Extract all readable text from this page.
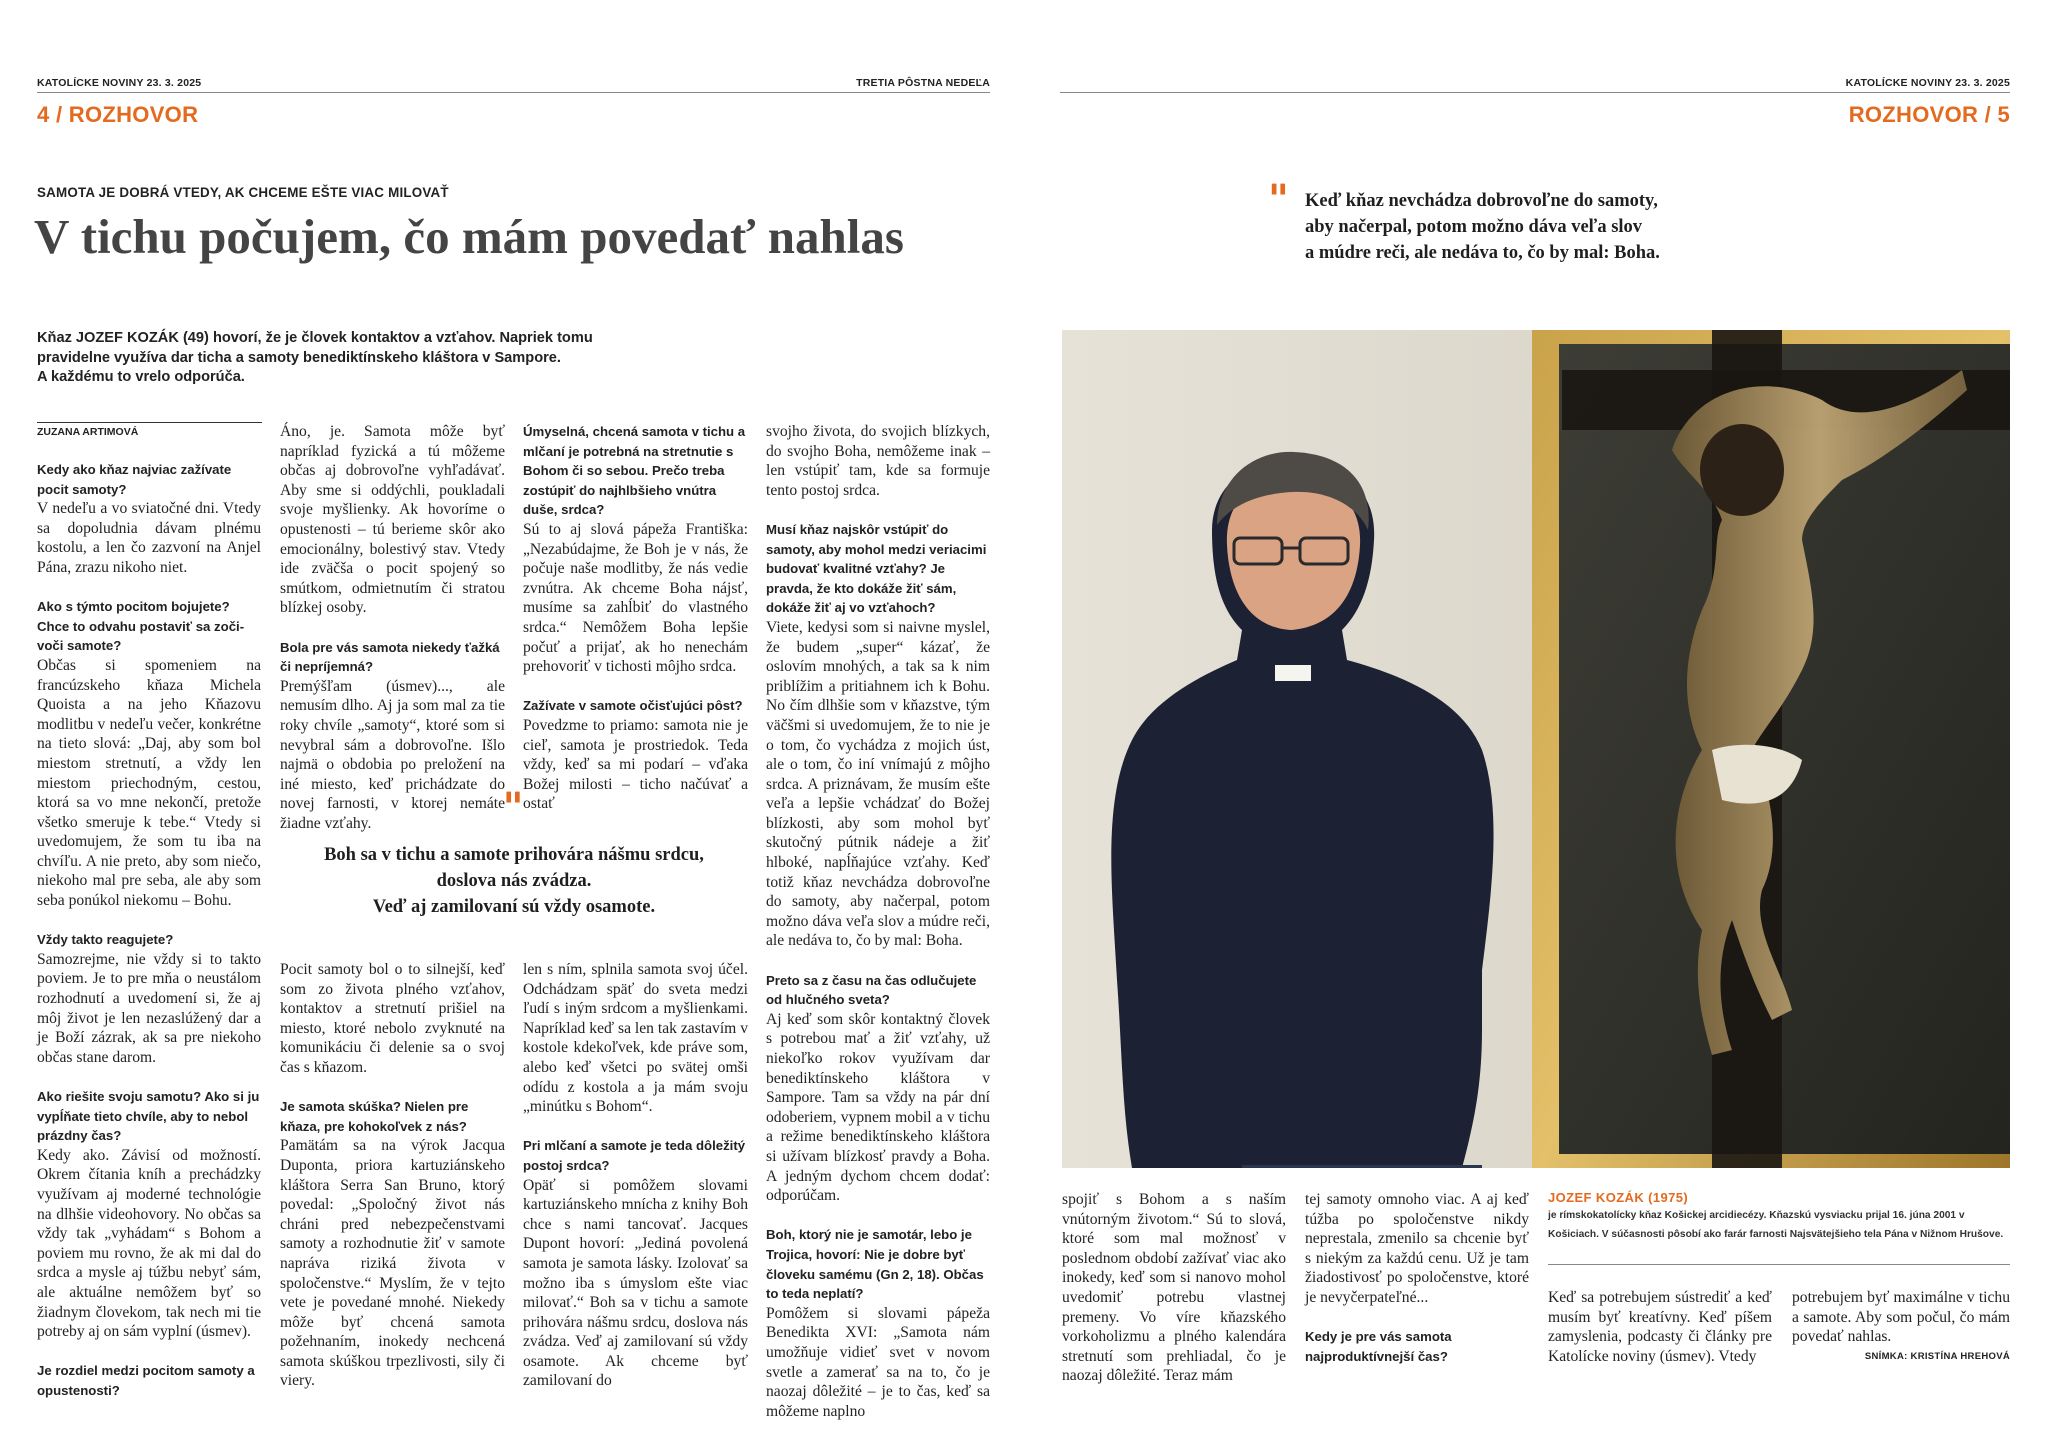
KATOLÍCKE NOVINY 23. 3. 2025	TRETIA PÔSTNA NEDEĽA
4 / ROZHOVOR
SAMOTA JE DOBRÁ VTEDY, AK CHCEME EŠTE VIAC MILOVAŤ
V tichu počujem, čo mám povedať nahlas
Kňaz JOZEF KOZÁK (49) hovorí, že je človek kontaktov a vzťahov. Napriek tomu
pravidelne využíva dar ticha a samoty benediktínskeho kláštora v Sampore.
A každému to vrelo odporúča.
ZUZANA ARTIMOVÁ

Kedy ako kňaz najviac zažívate pocit samoty?

V nedeľu a vo sviatočné dni. Vtedy sa dopoludnia dávam plnému kostolu, a len čo zazvoní na Anjel Pána, zrazu nikoho niet.

Ako s týmto pocitom bojujete? Chce to odvahu postaviť sa zoči-voči samote?

Občas si spomeniem na francúzskeho kňaza Michela Quoista a na jeho Kňazovu modlitbu v nedeľu večer, konkrétne na tieto slová: „Daj, aby som bol miestom stretnutí, a vždy len miestom priechodným, cestou, ktorá sa vo mne nekončí, pretože všetko smeruje k tebe.“ Vtedy si uvedomujem, že som tu iba na chvíľu. A nie preto, aby som niečo, niekoho mal pre seba, ale aby som seba ponúkol niekomu – Bohu.

Vždy takto reagujete?

Samozrejme, nie vždy si to takto poviem. Je to pre mňa o neustálom rozhodnutí a uvedomení si, že aj môj život je len nezaslúžený dar a je Boží zázrak, ak sa pre niekoho občas stane darom.

Ako riešite svoju samotu? Ako si ju vypĺňate tieto chvíle, aby to nebol prázdny čas?

Kedy ako. Závisí od možností. Okrem čítania kníh a prechádzky využívam aj moderné technológie na dlhšie videohovory. No občas sa vždy tak „vyhádam“ s Bohom a poviem mu rovno, že ak mi dal do srdca a mysle aj túžbu nebyť sám, ale aktuálne nemôžem byť so žiadnym človekom, tak nech mi tie potreby aj on sám vyplní (úsmev).

Je rozdiel medzi pocitom samoty a opustenosti?

Áno, je. Samota môže byť napríklad fyzická a tú môžeme občas aj dobrovoľne vyhľadávať. Aby sme si oddýchli, poukladali svoje myšlienky. Ak hovoríme o opustenosti – tú berieme skôr ako emocionálny, bolestivý stav. Vtedy ide zväčša o pocit spojený so smútkom, odmietnutím či stratou blízkej osoby.

Bola pre vás samota niekedy ťažká či nepríjemná?

Premýšľam (úsmev)..., ale nemusím dlho. Aj ja som mal za tie roky chvíle „samoty“, ktoré som si nevybral sám a dobrovoľne. Išlo najmä o obdobia po preložení na iné miesto, keď prichádzate do novej farnosti, v ktorej nemáte žiadne vzťahy.

Úmyselná, chcená samota v tichu a mlčaní je potrebná na stretnutie s Bohom či so sebou. Prečo treba zostúpiť do najhlbšieho vnútra duše, srdca?

Sú to aj slová pápeža Františka: „Nezabúdajme, že Boh je v nás, že počuje naše modlitby, že nás vedie zvnútra. Ak chceme Boha nájsť, musíme sa zahĺbiť do vlastného srdca.“ Nemôžem Boha lepšie počuť a prijať, ak ho nenechám prehovoriť v tichosti môjho srdca.

Zažívate v samote očisťujúci pôst?

Povedzme to priamo: samota nie je cieľ, samota je prostriedok. Teda vždy, keď sa mi podarí – vďaka Božej milosti – ticho načúvať a ostať

svojho života, do svojich blízkych, do svojho Boha, nemôžeme inak – len vstúpiť tam, kde sa formuje tento postoj srdca.

Musí kňaz najskôr vstúpiť do samoty, aby mohol medzi veriacimi budovať kvalitné vzťahy? Je pravda, že kto dokáže žiť sám, dokáže žiť aj vo vzťahoch?

Viete, kedysi som si naivne myslel, že budem „super“ kázať, že oslovím mnohých, a tak sa k nim priblížim a pritiahnem ich k Bohu. No čím dlhšie som v kňazstve, tým väčšmi si uvedomujem, že to nie je o tom, čo vychádza z mojich úst, ale o tom, čo iní vnímajú z môjho srdca. A priznávam, že musím ešte veľa a lepšie vchádzať do Božej blízkosti, aby som mohol byť skutočný pútnik nádeje a žiť hlboké, napĺňajúce vzťahy. Keď totiž kňaz nevchádza dobrovoľne do samoty, aby načerpal, potom možno dáva veľa slov a múdre reči, ale nedáva to, čo by mal: Boha.

Preto sa z času na čas odlučujete od hlučného sveta?

Aj keď som skôr kontaktný človek s potrebou mať a žiť vzťahy, už niekoľko rokov využívam dar benediktínskeho kláštora v Sampore. Tam sa vždy na pár dní odoberiem, vypnem mobil a v tichu a režime benediktínskeho kláštora si užívam blízkosť pravdy a Boha. A jedným dychom chcem dodať: odporúčam.

Boh, ktorý nie je samotár, lebo je Trojica, hovorí: Nie je dobre byť človeku samému (Gn 2, 18). Občas to teda neplatí?

Pomôžem si slovami pápeža Benedikta XVI: „Samota nám umožňuje vidieť svet v novom svetle a zamerať sa na to, čo je naozaj dôležité – je to čas, keď sa môžeme naplno

"
Boh sa v tichu a samote prihovára nášmu srdcu,
doslova nás zvádza.
Veď aj zamilovaní sú vždy osamote.

Pocit samoty bol o to silnejší, keď som zo života plného vzťahov, kontaktov a stretnutí prišiel na miesto, ktoré nebolo zvyknuté na komunikáciu či delenie sa o svoj čas s kňazom.

Je samota skúška? Nielen pre kňaza, pre kohokoľvek z nás?

Pamätám sa na výrok Jacqua Duponta, priora kartuziánskeho kláštora Serra San Bruno, ktorý povedal: „Spoločný život nás chráni pred nebezpečenstvami samoty a rozhodnutie žiť v samote napráva riziká života v spoločenstve.“ Myslím, že v tejto vete je povedané mnohé. Niekedy môže byť chcená samota požehnaním, inokedy nechcená samota skúškou trpezlivosti, sily či viery.

len s ním, splnila samota svoj účel. Odchádzam späť do sveta medzi ľudí s iným srdcom a myšlienkami. Napríklad keď sa len tak zastavím v kostole kdekoľvek, kde práve som, alebo keď všetci po svätej omši odídu z kostola a ja mám svoju „minútku s Bohom“.

Pri mlčaní a samote je teda dôležitý postoj srdca?

Opäť si pomôžem slovami kartuziánskeho mnícha z knihy Boh chce s nami tancovať. Jacques Dupont hovorí: „Jediná povolená samota je samota lásky. Izolovať sa možno iba s úmyslom ešte viac milovať.“ Boh sa v tichu a samote prihovára nášmu srdcu, doslova nás zvádza. Veď aj zamilovaní sú vždy osamote. Ak chceme byť zamilovaní do

KATOLÍCKE NOVINY 23. 3. 2025
ROZHOVOR / 5
" Keď kňaz nevchádza dobrovoľne do samoty,
aby načerpal, potom možno dáva veľa slov
a múdre reči, ale nedáva to, čo by mal: Boha.

spojiť s Bohom a s naším vnútorným životom.“ Sú to slová, ktoré som mal možnosť v poslednom období zažívať viac ako inokedy, keď som si nanovo mohol uvedomiť potrebu vlastnej premeny. Vo víre kňazského vorkoholizmu a plného kalendára stretnutí som prehliadal, čo je naozaj dôležité. Teraz mám

tej samoty omnoho viac. A aj keď túžba po spoločenstve nikdy neprestala, zmenilo sa chcenie byť s niekým za každú cenu. Už je tam žiadostivosť po spoločenstve, ktoré je nevyčerpateľné...

Kedy je pre vás samota najproduktívnejší čas?

JOZEF KOZÁK (1975)
je rímskokatolícky kňaz Košickej arcidiecézy. Kňazskú vysviacku prijal 16. júna 2001 v Košiciach. V súčasnosti pôsobí ako farár farnosti Najsvätejšieho tela Pána v Nižnom Hrušove.

Keď sa potrebujem sústrediť a keď musím byť kreatívny. Keď píšem zamyslenia, podcasty či články pre Katolícke noviny (úsmev). Vtedy

potrebujem byť maximálne v tichu a samote. Aby som počul, čo mám povedať nahlas.

SNÍMKA: KRISTÍNA HREHOVÁ
